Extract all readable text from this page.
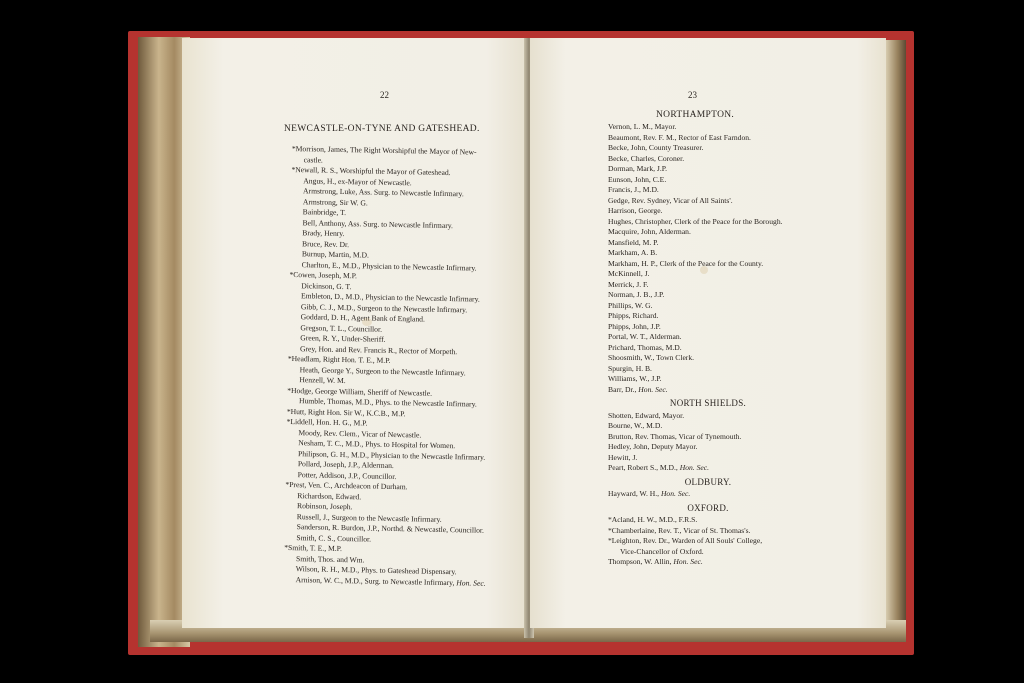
22
NEWCASTLE-ON-TYNE AND GATESHEAD.
*Morrison, James, The Right Worshipful the Mayor of New-
castle.
*Newall, R. S., Worshipful the Mayor of Gateshead.
Angus, H., ex-Mayor of Newcastle.
Armstrong, Luke, Ass. Surg. to Newcastle Infirmary.
Armstrong, Sir W. G.
Bainbridge, T.
Bell, Anthony, Ass. Surg. to Newcastle Infirmary.
Brady, Henry.
Bruce, Rev. Dr.
Burnup, Martin, M.D.
Charlton, E., M.D., Physician to the Newcastle Infirmary.
*Cowen, Joseph, M.P.
Dickinson, G. T.
Embleton, D., M.D., Physician to the Newcastle Infirmary.
Gibb, C. J., M.D., Surgeon to the Newcastle Infirmary.
Goddard, D. H., Agent Bank of England.
Gregson, T. L., Councillor.
Green, R. Y., Under-Sheriff.
Grey, Hon. and Rev. Francis R., Rector of Morpeth.
*Headlam, Right Hon. T. E., M.P.
Heath, George Y., Surgeon to the Newcastle Infirmary.
Henzell, W. M.
*Hodge, George William, Sheriff of Newcastle.
Humble, Thomas, M.D., Phys. to the Newcastle Infirmary.
*Hutt, Right Hon. Sir W., K.C.B., M.P.
*Liddell, Hon. H. G., M.P.
Moody, Rev. Clem., Vicar of Newcastle.
Nesham, T. C., M.D., Phys. to Hospital for Women.
Philipson, G. H., M.D., Physician to the Newcastle Infirmary.
Pollard, Joseph, J.P., Alderman.
Potter, Addison, J.P., Councillor.
*Prest, Ven. C., Archdeacon of Durham.
Richardson, Edward.
Robinson, Joseph.
Russell, J., Surgeon to the Newcastle Infirmary.
Sanderson, R. Burdon, J.P., Northd. & Newcastle, Councillor.
Smith, C. S., Councillor.
*Smith, T. E., M.P.
Smith, Thos. and Wm.
Wilson, R. H., M.D., Phys. to Gateshead Dispensary.
Arnison, W. C., M.D., Surg. to Newcastle Infirmary, Hon. Sec.
23
NORTHAMPTON.
Vernon, L. M., Mayor.
Beaumont, Rev. F. M., Rector of East Farndon.
Becke, John, County Treasurer.
Becke, Charles, Coroner.
Dorman, Mark, J.P.
Eunson, John, C.E.
Francis, J., M.D.
Gedge, Rev. Sydney, Vicar of All Saints'.
Harrison, George.
Hughes, Christopher, Clerk of the Peace for the Borough.
Macquire, John, Alderman.
Mansfield, M. P.
Markham, A. B.
Markham, H. P., Clerk of the Peace for the County.
McKinnell, J.
Merrick, J. F.
Norman, J. B., J.P.
Phillips, W. G.
Phipps, Richard.
Phipps, John, J.P.
Portal, W. T., Alderman.
Prichard, Thomas, M.D.
Shoosmith, W., Town Clerk.
Spurgin, H. B.
Williams, W., J.P.
Barr, Dr., Hon. Sec.
NORTH SHIELDS.
Shotten, Edward, Mayor.
Bourne, W., M.D.
Brutton, Rev. Thomas, Vicar of Tynemouth.
Hedley, John, Deputy Mayor.
Hewitt, J.
Peart, Robert S., M.D., Hon. Sec.
OLDBURY.
Hayward, W. H., Hon. Sec.
OXFORD.
*Acland, H. W., M.D., F.R.S.
*Chamberlaine, Rev. T., Vicar of St. Thomas's.
*Leighton, Rev. Dr., Warden of All Souls' College,
Vice-Chancellor of Oxford.
Thompson, W. Allin, Hon. Sec.
